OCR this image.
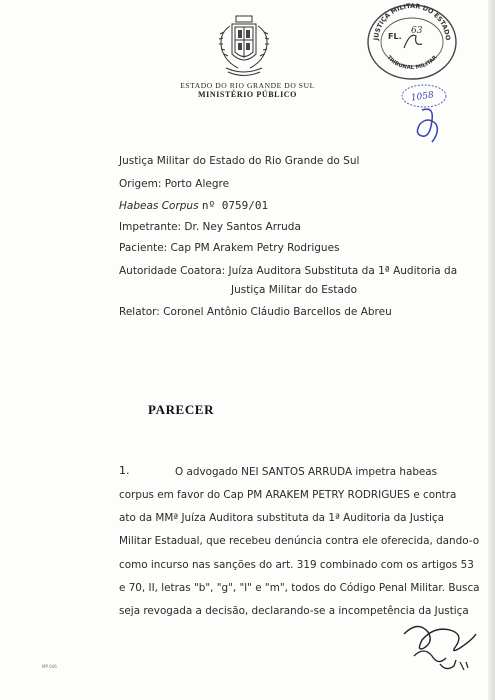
ESTADO DO RIO GRANDE DO SUL
MINISTÉRIO PÚBLICO
JUSTIÇA MILITAR DO ESTADO
TRIBUNAL MILITAR
FL.
63
1058
Justiça Militar do Estado do Rio Grande do Sul
Origem: Porto Alegre
Habeas Corpus nº 0759/01
Impetrante: Dr. Ney Santos Arruda
Paciente: Cap PM Arakem Petry Rodrigues
Autoridade Coatora: Juíza Auditora Substituta da 1ª Auditoria da
Justiça Militar do Estado
Relator: Coronel Antônio Cláudio Barcellos de Abreu
PARECER
1.	O advogado NEI SANTOS ARRUDA impetra habeas
corpus em favor do Cap PM ARAKEM PETRY RODRIGUES e contra
ato da MMª Juíza Auditora substituta da 1ª Auditoria da Justiça
Militar Estadual, que recebeu denúncia contra ele oferecida, dando-o
como incurso nas sanções do art. 319 combinado com os artigos 53
e 70, II, letras "b", "g", "l" e "m", todos do Código Penal Militar. Busca
seja revogada a decisão, declarando-se a incompetência da Justiça
MP 046
